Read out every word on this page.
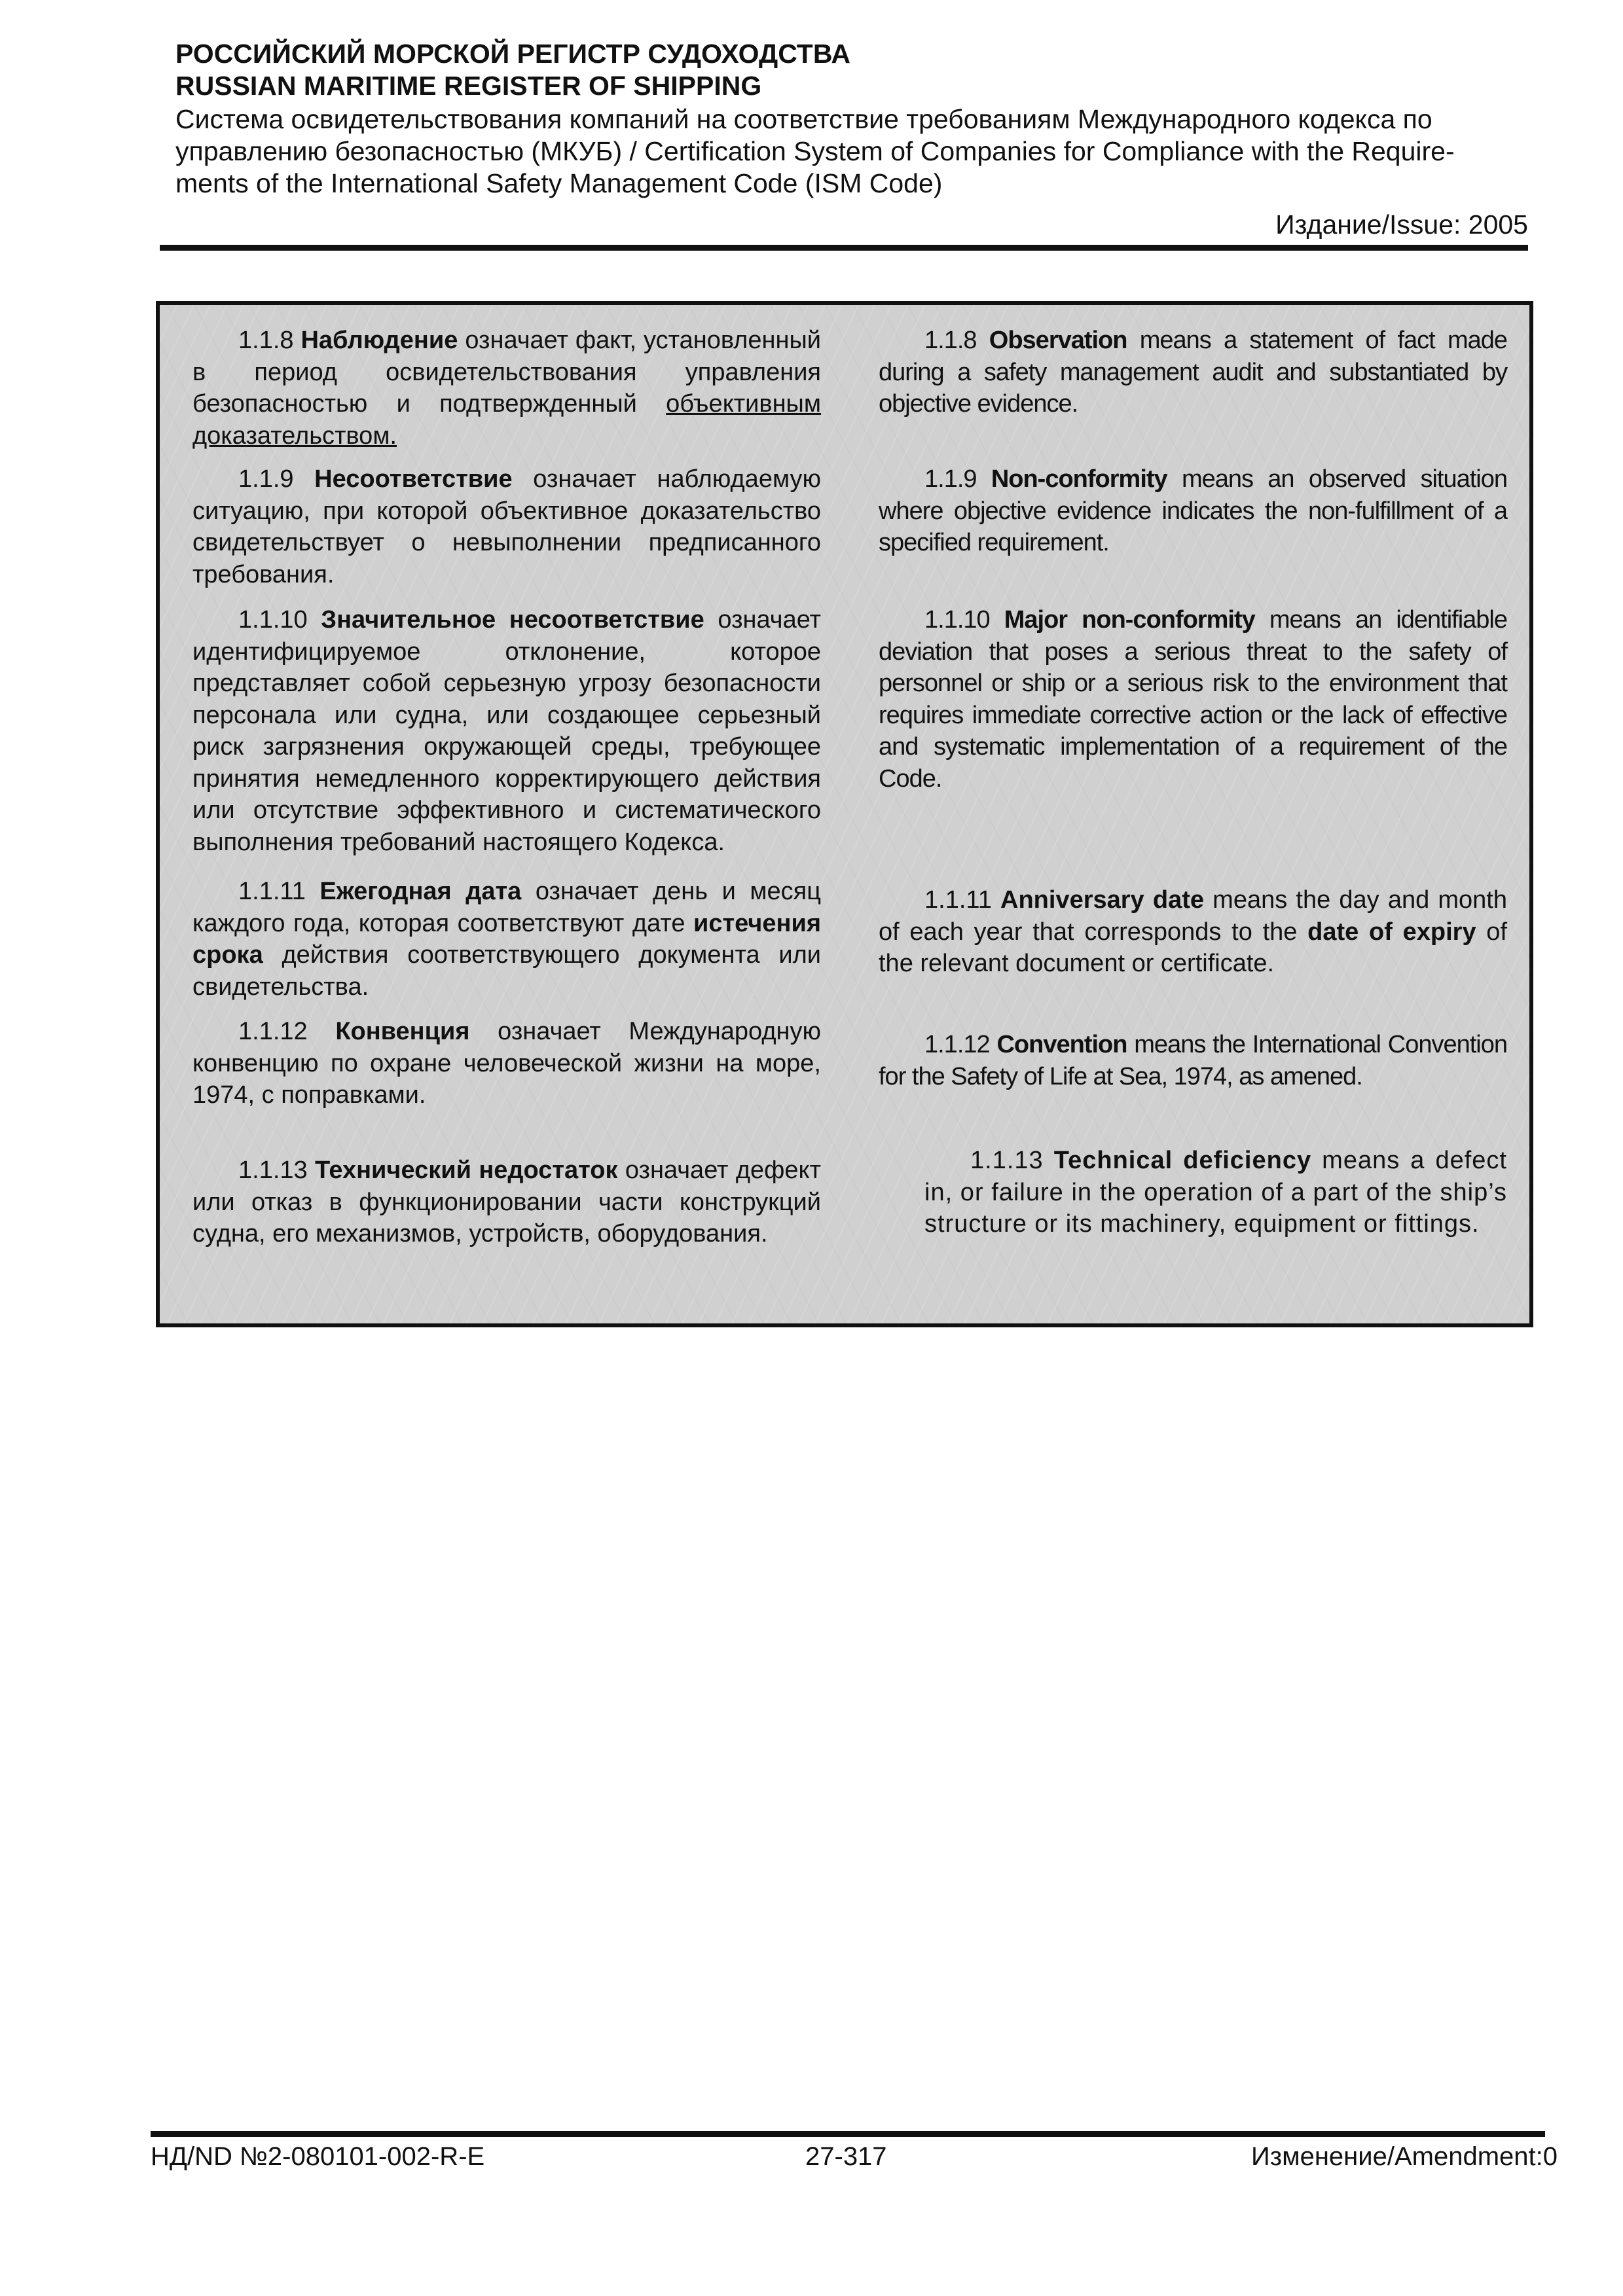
РОССИЙСКИЙ МОРСКОЙ РЕГИСТР СУДОХОДСТВА
RUSSIAN MARITIME REGISTER OF SHIPPING
Система освидетельствования компаний на соответствие требованиям Международного кодекса по
управлению безопасностью (МКУБ) / Certification System of Companies for Compliance with the Require-
ments of the International Safety Management Code (ISM Code)
Издание/Issue: 2005

1.1.8 Наблюдение означает факт, установленный в период освидетельствования управления безопасностью и подтвержденный объективным доказательством.

1.1.9 Несоответствие означает наблюдаемую ситуацию, при которой объективное доказательство свидетельствует о невыполнении предписанного требования.

1.1.10 Значительное несоответствие означает идентифицируемое отклонение, которое представляет собой серьезную угрозу безопасности персонала или судна, или создающее серьезный риск загрязнения окружающей среды, требующее принятия немедленного корректирующего действия или отсутствие эффективного и систематического выполнения требований настоящего Кодекса.

1.1.11 Ежегодная дата означает день и месяц каждого года, которая соответствуют дате истечения срока действия соответствующего документа или свидетельства.

1.1.12 Конвенция означает Международную конвенцию по охране человеческой жизни на море, 1974, с поправками.

1.1.13 Технический недостаток означает дефект или отказ в функционировании части конструкций судна, его механизмов, устройств, оборудования.

1.1.8 Observation means a statement of fact made during a safety management audit and substantiated by objective evidence.

1.1.9 Non-conformity means an observed situation where objective evidence indicates the non-fulfillment of a specified requirement.

1.1.10 Major non-conformity means an identifiable deviation that poses a serious threat to the safety of personnel or ship or a serious risk to the environment that requires immediate corrective action or the lack of effective and systematic implementation of a requirement of the Code.

1.1.11 Anniversary date means the day and month of each year that corresponds to the date of expiry of the relevant document or certificate.

1.1.12 Convention means the International Convention for the Safety of Life at Sea, 1974, as amened.

1.1.13 Technical deficiency means a defect in, or failure in the operation of a part of the ship’s structure or its machinery, equipment or fittings.

НД/ND №2-080101-002-R-E	27-317	Изменение/Amendment:0
